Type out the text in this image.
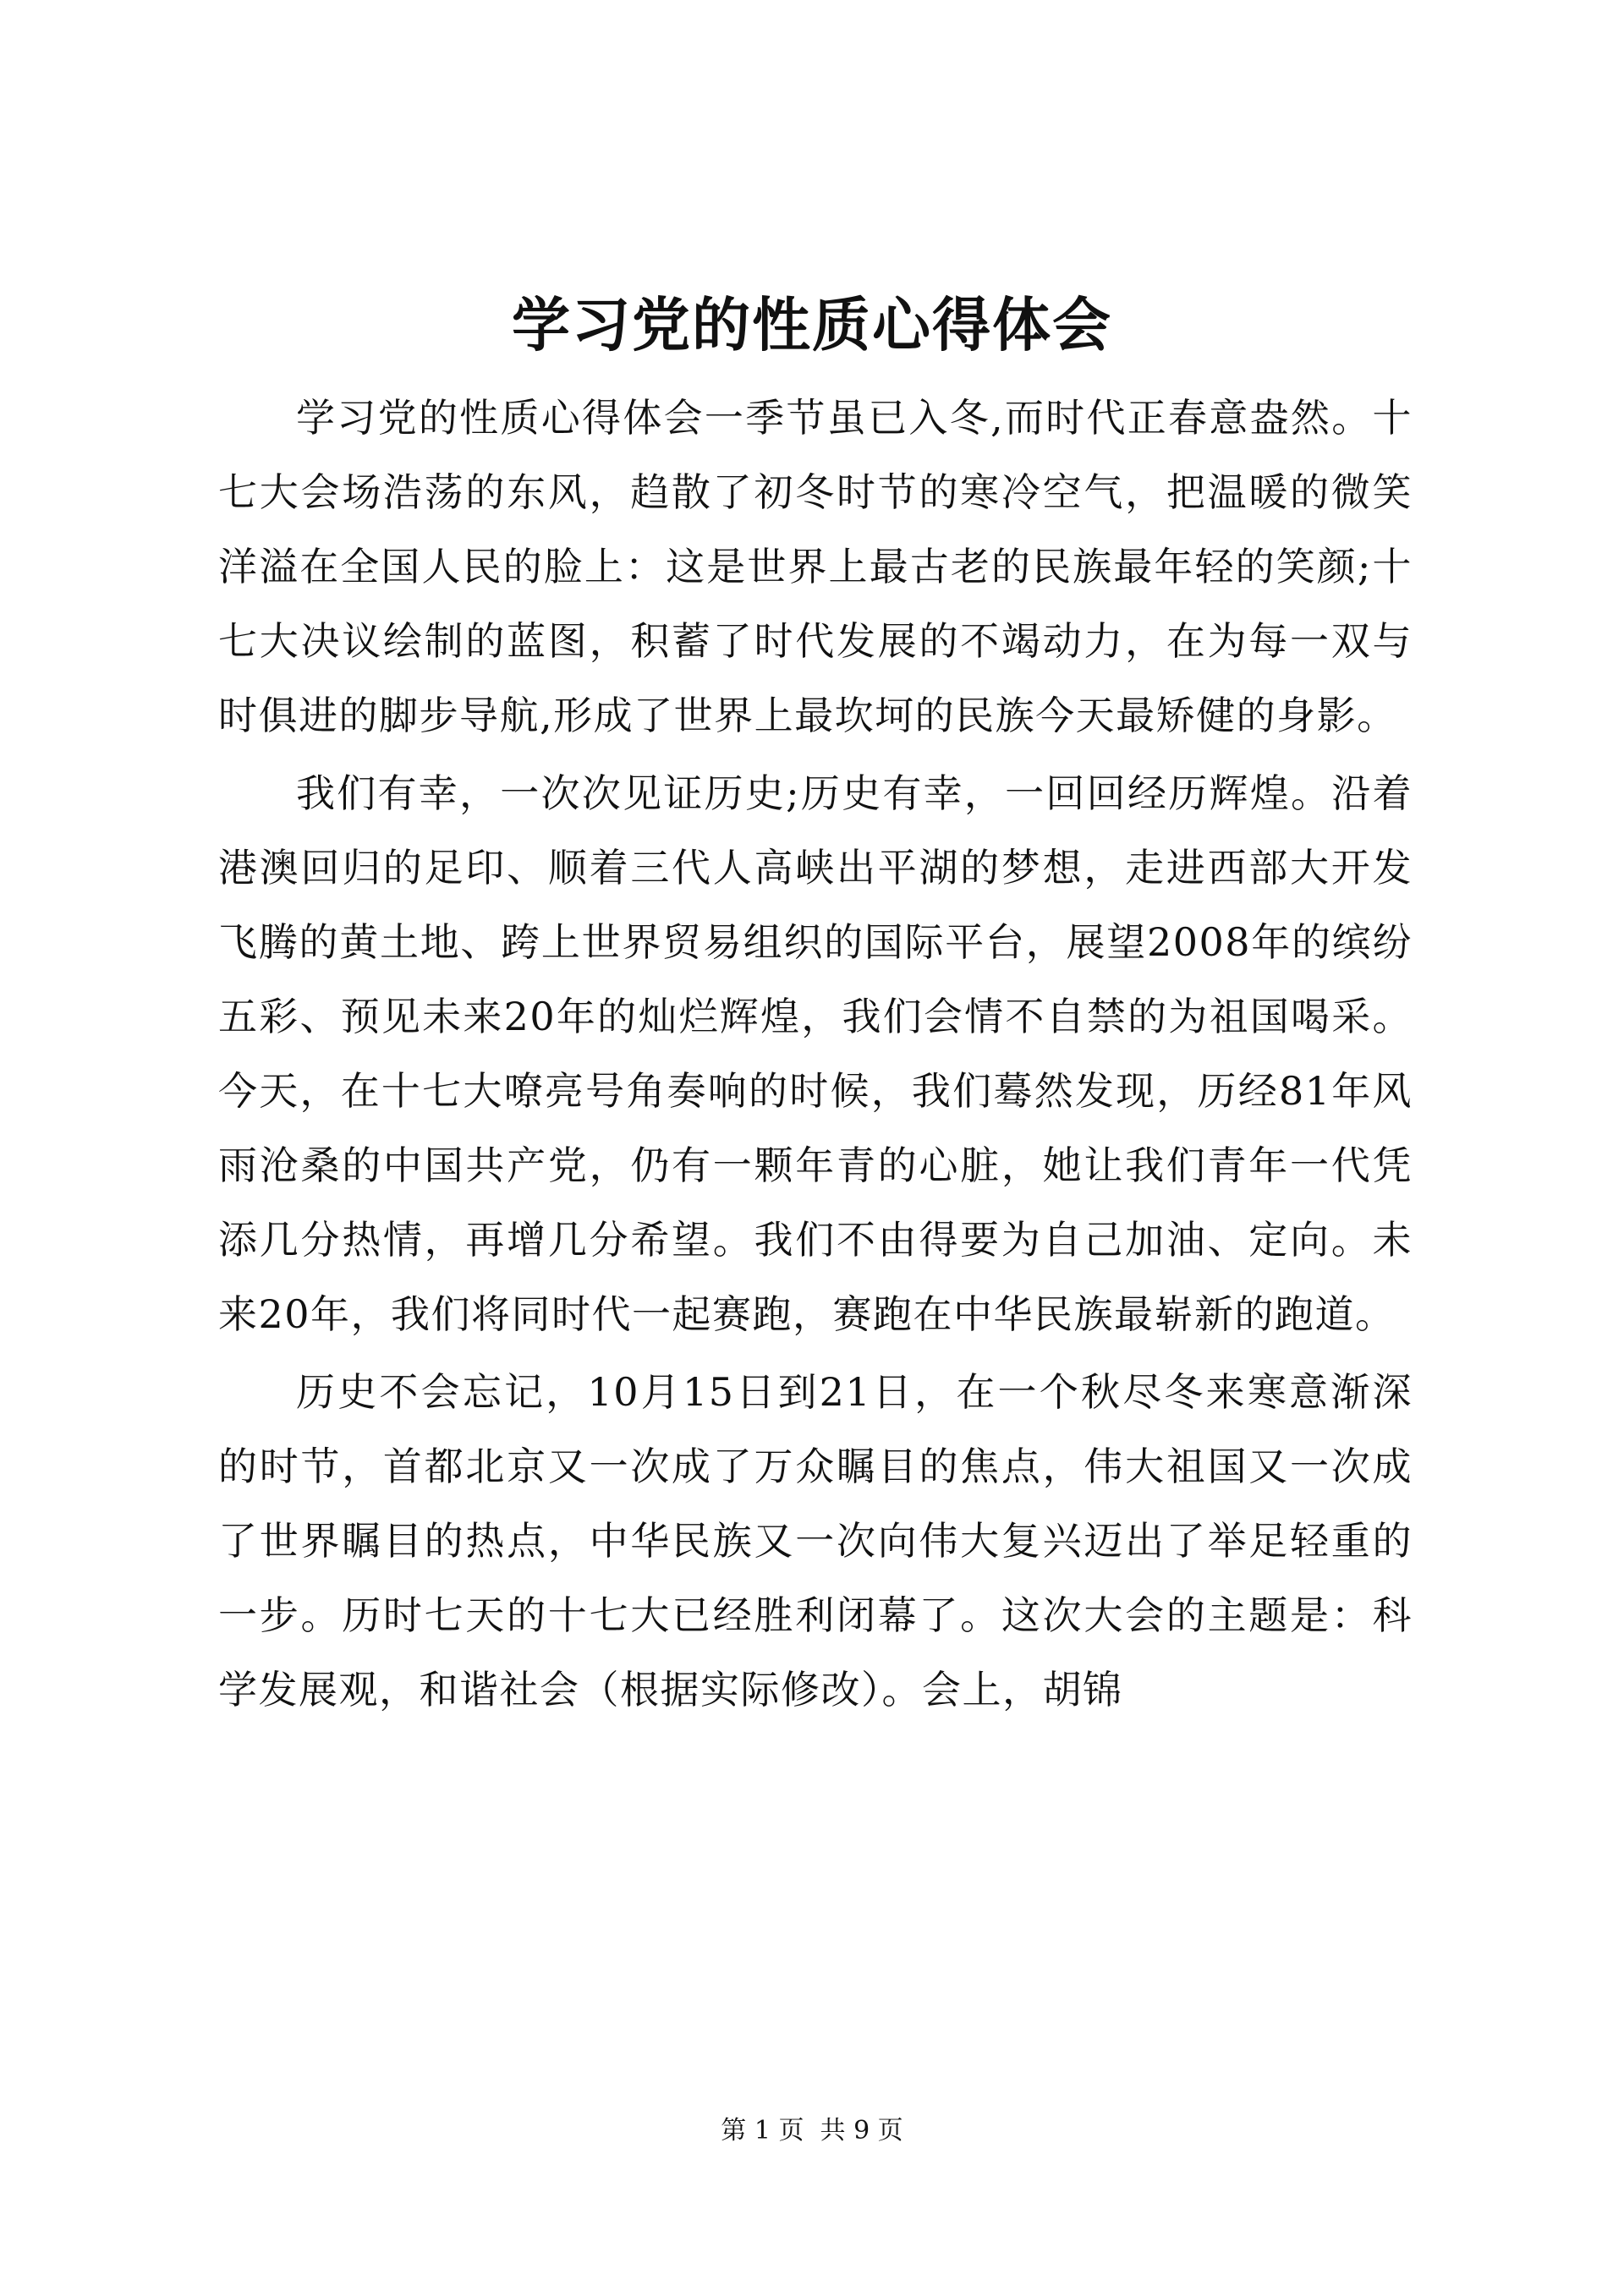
学习党的性质心得体会

学习党的性质心得体会一季节虽已入冬,而时代正春意盎然。十七大会场浩荡的东风，趋散了初冬时节的寒冷空气，把温暖的微笑洋溢在全国人民的脸上：这是世界上最古老的民族最年轻的笑颜;十七大决议绘制的蓝图，积蓄了时代发展的不竭动力，在为每一双与时俱进的脚步导航,形成了世界上最坎坷的民族今天最矫健的身影。

我们有幸，一次次见证历史;历史有幸，一回回经历辉煌。沿着港澳回归的足印、顺着三代人高峡出平湖的梦想，走进西部大开发飞腾的黄土地、跨上世界贸易组织的国际平台，展望2008年的缤纷五彩、预见未来20年的灿烂辉煌，我们会情不自禁的为祖国喝采。今天，在十七大嘹亮号角奏响的时候，我们蓦然发现，历经81年风雨沧桑的中国共产党，仍有一颗年青的心脏，她让我们青年一代凭添几分热情，再增几分希望。我们不由得要为自己加油、定向。未来20年，我们将同时代一起赛跑，赛跑在中华民族最崭新的跑道。

历史不会忘记，10月15日到21日，在一个秋尽冬来寒意渐深的时节，首都北京又一次成了万众瞩目的焦点，伟大祖国又一次成了世界瞩目的热点，中华民族又一次向伟大复兴迈出了举足轻重的一步。历时七天的十七大已经胜利闭幕了。这次大会的主题是：科学发展观，和谐社会（根据实际修改）。会上，胡锦

第 1 页  共 9 页
